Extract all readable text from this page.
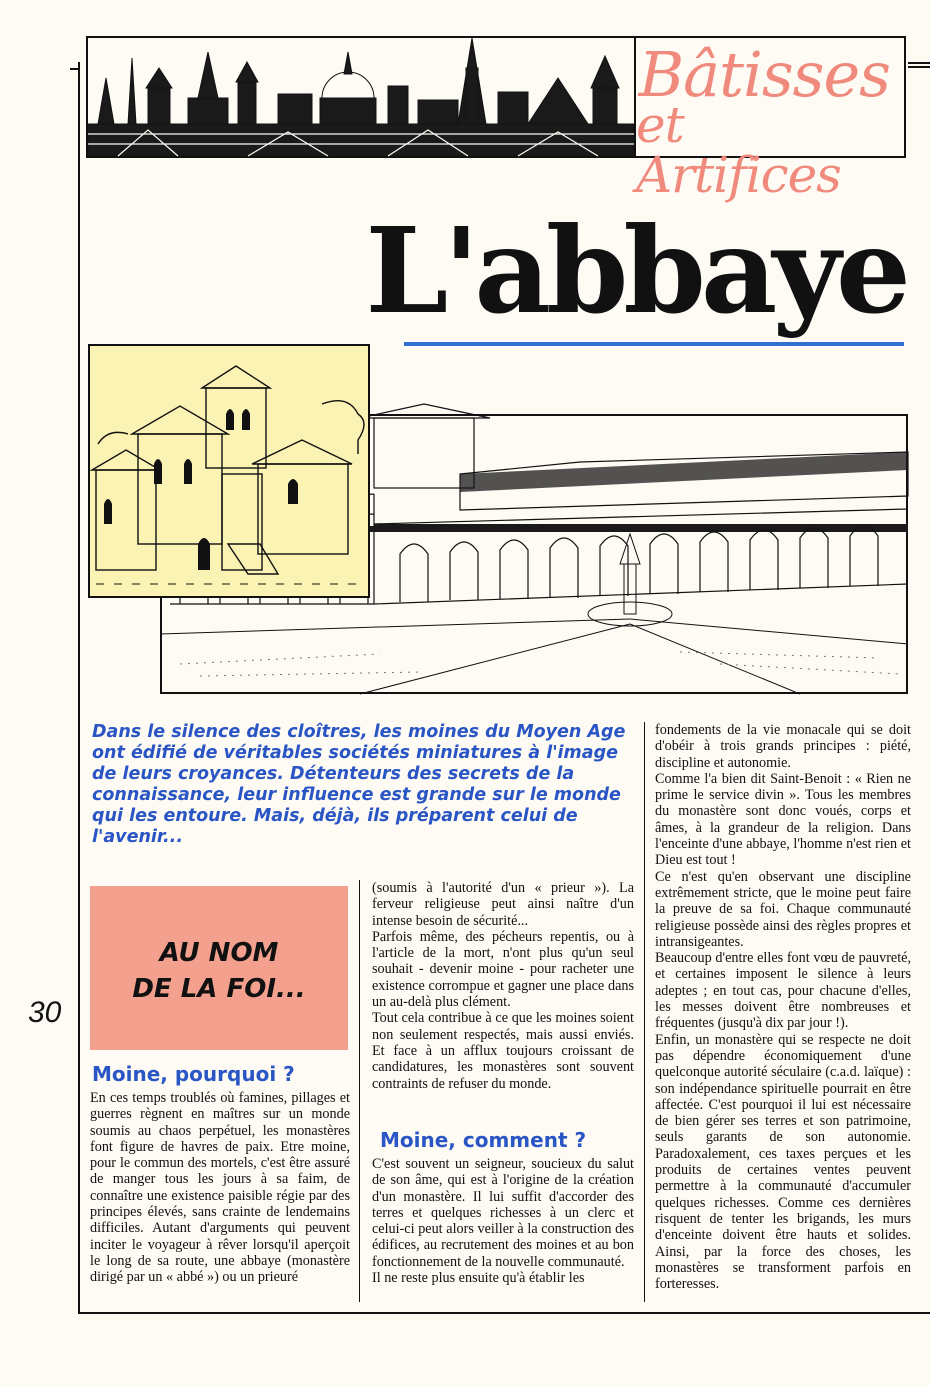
Bâtisses
et Artifices
L'abbaye
Dans le silence des cloîtres, les moines du Moyen Age ont édifié de véritables sociétés miniatures à l'image de leurs croyances. Détenteurs des secrets de la connaissance, leur influence est grande sur le monde qui les entoure. Mais, déjà, ils préparent celui de l'avenir...
AU NOM
DE LA FOI...
30
Moine, pourquoi ?

En ces temps troublés où famines, pillages et guerres règnent en maîtres sur un monde soumis au chaos perpétuel, les monastères font figure de havres de paix. Etre moine, pour le commun des mortels, c'est être assuré de manger tous les jours à sa faim, de connaître une existence paisible régie par des principes élevés, sans crainte de lendemains difficiles. Autant d'arguments qui peuvent inciter le voyageur à rêver lorsqu'il aperçoit le long de sa route, une abbaye (monastère dirigé par un « abbé ») ou un prieuré

(soumis à l'autorité d'un « prieur »). La ferveur religieuse peut ainsi naître d'un intense besoin de sécurité...

Parfois même, des pécheurs repentis, ou à l'article de la mort, n'ont plus qu'un seul souhait - devenir moine - pour racheter une existence corrompue et gagner une place dans un au-delà plus clément.

Tout cela contribue à ce que les moines soient non seulement respectés, mais aussi enviés. Et face à un afflux toujours croissant de candidatures, les monastères sont souvent contraints de refuser du monde.

Moine, comment ?

C'est souvent un seigneur, soucieux du salut de son âme, qui est à l'origine de la création d'un monastère. Il lui suffit d'accorder des terres et quelques richesses à un clerc et celui-ci peut alors veiller à la construction des édifices, au recrutement des moines et au bon fonctionnement de la nouvelle communauté.

Il ne reste plus ensuite qu'à établir les

fondements de la vie monacale qui se doit d'obéir à trois grands principes : piété, discipline et autonomie.

Comme l'a bien dit Saint-Benoit : « Rien ne prime le service divin ». Tous les membres du monastère sont donc voués, corps et âmes, à la grandeur de la religion. Dans l'enceinte d'une abbaye, l'homme n'est rien et Dieu est tout !

Ce n'est qu'en observant une discipline extrêmement stricte, que le moine peut faire la preuve de sa foi. Chaque communauté religieuse possède ainsi des règles propres et intransigeantes.

Beaucoup d'entre elles font vœu de pauvreté, et certaines imposent le silence à leurs adeptes ; en tout cas, pour chacune d'elles, les messes doivent être nombreuses et fréquentes (jusqu'à dix par jour !).

Enfin, un monastère qui se respecte ne doit pas dépendre économiquement d'une quelconque autorité séculaire (c.a.d. laïque) : son indépendance spirituelle pourrait en être affectée. C'est pourquoi il lui est nécessaire de bien gérer ses terres et son patrimoine, seuls garants de son autonomie. Paradoxalement, ces taxes perçues et les produits de certaines ventes peuvent permettre à la communauté d'accumuler quelques richesses. Comme ces dernières risquent de tenter les brigands, les murs d'enceinte doivent être hauts et solides. Ainsi, par la force des choses, les monastères se transforment parfois en forteresses.
